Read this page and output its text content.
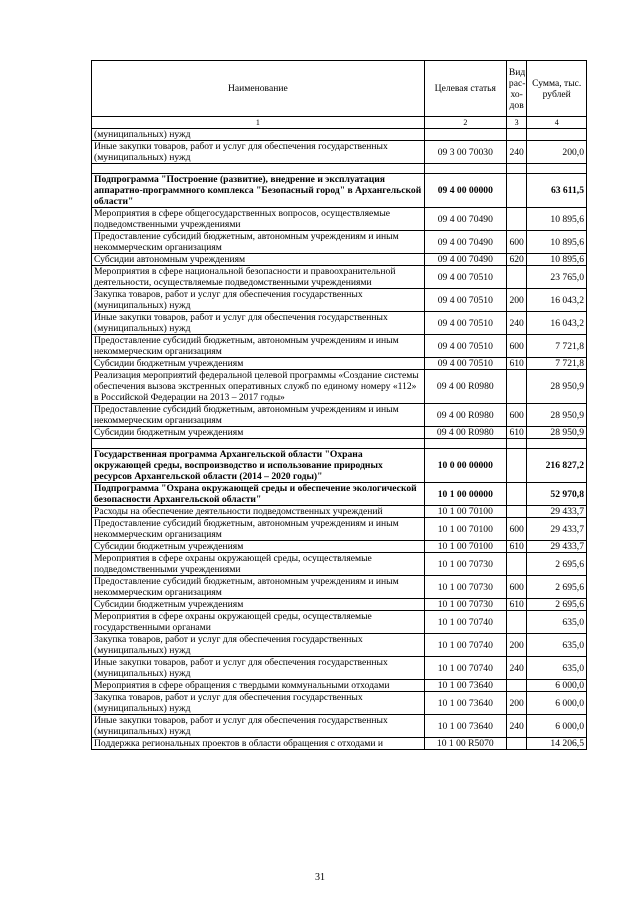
Наименование	Целевая статья	Вид рас-хо-дов	Сумма, тыс. рублей
1	2	3	4
(муниципальных) нужд			
Иные закупки товаров, работ и услуг для обеспечения государственных (муниципальных) нужд	09 3 00 70030	240	200,0

Подпрограмма "Построение (развитие), внедрение и эксплуатация аппаратно-программного комплекса "Безопасный город" в Архангельской области"	09 4 00 00000		63 611,5
Мероприятия в сфере общегосударственных вопросов, осуществляемые подведомственными учреждениями	09 4 00 70490		10 895,6
Предоставление субсидий бюджетным, автономным учреждениям и иным некоммерческим организациям	09 4 00 70490	600	10 895,6
Субсидии автономным учреждениям	09 4 00 70490	620	10 895,6
Мероприятия в сфере национальной безопасности и правоохранительной деятельности, осуществляемые подведомственными учреждениями	09 4 00 70510		23 765,0
Закупка товаров, работ и услуг для обеспечения государственных (муниципальных) нужд	09 4 00 70510	200	16 043,2
Иные закупки товаров, работ и услуг для обеспечения государственных (муниципальных) нужд	09 4 00 70510	240	16 043,2
Предоставление субсидий бюджетным, автономным учреждениям и иным некоммерческим организациям	09 4 00 70510	600	7 721,8
Субсидии бюджетным учреждениям	09 4 00 70510	610	7 721,8
Реализация мероприятий федеральной целевой программы «Создание системы обеспечения вызова экстренных оперативных служб по единому номеру «112» в Российской Федерации на 2013 – 2017 годы»	09 4 00 R0980		28 950,9
Предоставление субсидий бюджетным, автономным учреждениям и иным некоммерческим организациям	09 4 00 R0980	600	28 950,9
Субсидии бюджетным учреждениям	09 4 00 R0980	610	28 950,9

Государственная программа Архангельской области "Охрана окружающей среды, воспроизводство и использование природных ресурсов Архангельской области (2014 – 2020 годы)"	10 0 00 00000		216 827,2
Подпрограмма "Охрана окружающей среды и обеспечение экологической безопасности Архангельской области"	10 1 00 00000		52 970,8
Расходы на обеспечение деятельности подведомственных учреждений	10 1 00 70100		29 433,7
Предоставление субсидий бюджетным, автономным учреждениям и иным некоммерческим организациям	10 1 00 70100	600	29 433,7
Субсидии бюджетным учреждениям	10 1 00 70100	610	29 433,7
Мероприятия в сфере охраны окружающей среды, осуществляемые подведомственными учреждениями	10 1 00 70730		2 695,6
Предоставление субсидий бюджетным, автономным учреждениям и иным некоммерческим организациям	10 1 00 70730	600	2 695,6
Субсидии бюджетным учреждениям	10 1 00 70730	610	2 695,6
Мероприятия в сфере охраны окружающей среды, осуществляемые государственными органами	10 1 00 70740		635,0
Закупка товаров, работ и услуг для обеспечения государственных (муниципальных) нужд	10 1 00 70740	200	635,0
Иные закупки товаров, работ и услуг для обеспечения государственных (муниципальных) нужд	10 1 00 70740	240	635,0
Мероприятия в сфере обращения с твердыми коммунальными отходами	10 1 00 73640		6 000,0
Закупка товаров, работ и услуг для обеспечения государственных (муниципальных) нужд	10 1 00 73640	200	6 000,0
Иные закупки товаров, работ и услуг для обеспечения государственных (муниципальных) нужд	10 1 00 73640	240	6 000,0
Поддержка региональных проектов в области обращения с отходами и	10 1 00 R5070		14 206,5
31
